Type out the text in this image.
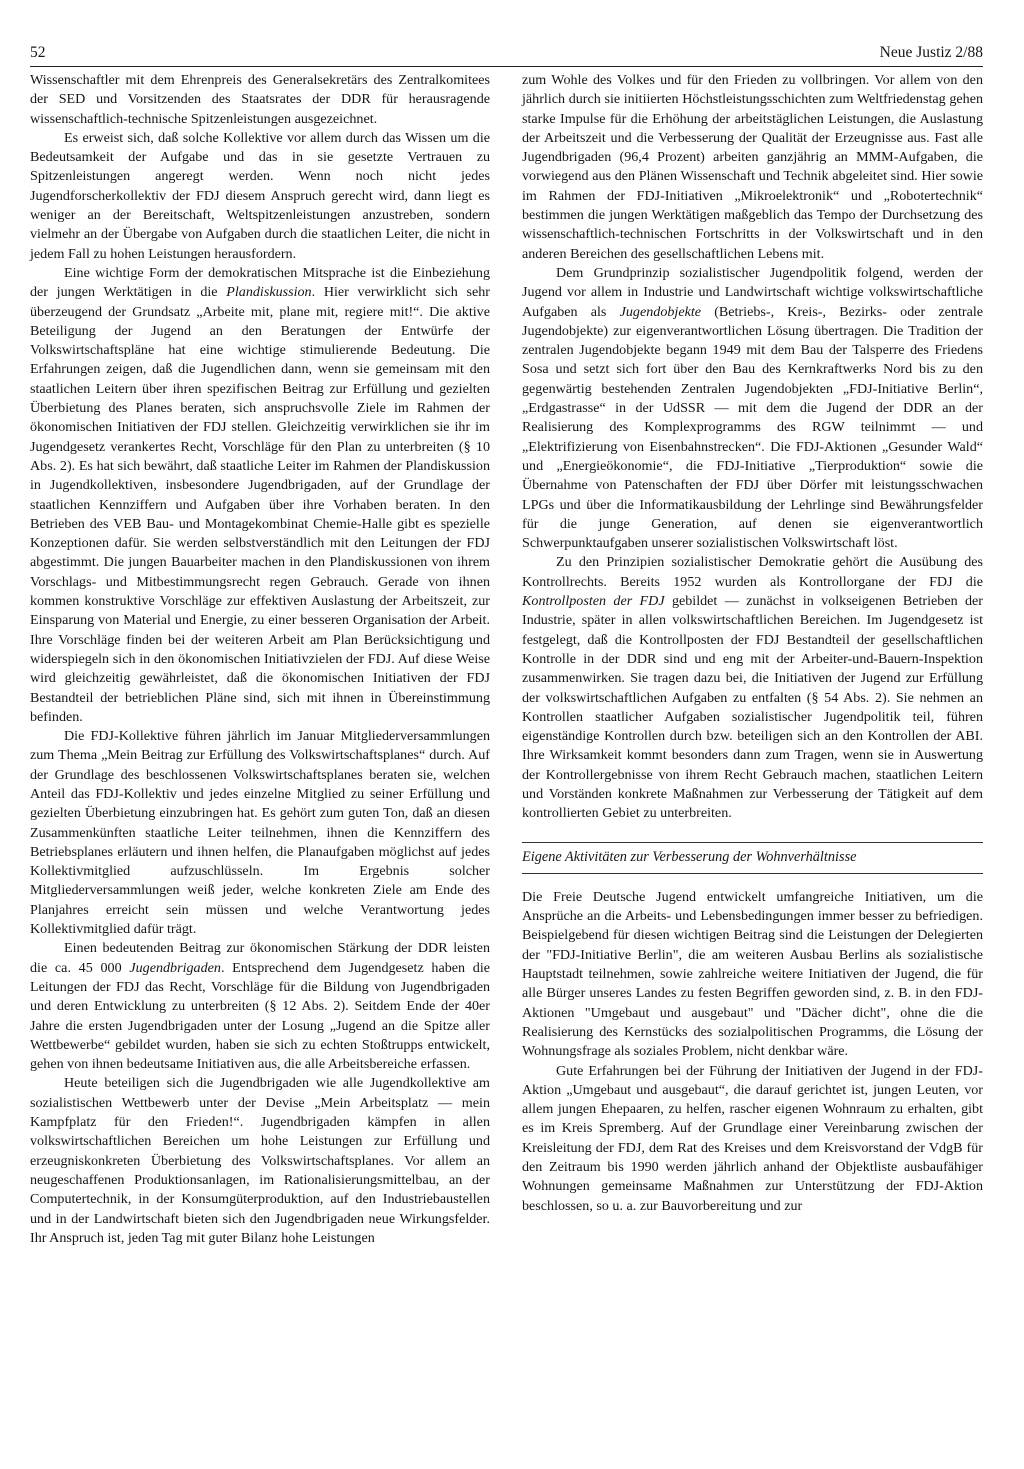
52	Neue Justiz 2/88

Wissenschaftler mit dem Ehrenpreis des Generalsekretärs des Zentralkomitees der SED und Vorsitzenden des Staatsrates der DDR für herausragende wissenschaftlich-technische Spitzenleistungen ausgezeichnet.

Es erweist sich, daß solche Kollektive vor allem durch das Wissen um die Bedeutsamkeit der Aufgabe und das in sie gesetzte Vertrauen zu Spitzenleistungen angeregt werden. Wenn noch nicht jedes Jugendforscherkollektiv der FDJ diesem Anspruch gerecht wird, dann liegt es weniger an der Bereitschaft, Weltspitzenleistungen anzustreben, sondern vielmehr an der Übergabe von Aufgaben durch die staatlichen Leiter, die nicht in jedem Fall zu hohen Leistungen herausfordern.

Eine wichtige Form der demokratischen Mitsprache ist die Einbeziehung der jungen Werktätigen in die Plandiskussion. Hier verwirklicht sich sehr überzeugend der Grundsatz „Arbeite mit, plane mit, regiere mit!“. Die aktive Beteiligung der Jugend an den Beratungen der Entwürfe der Volkswirtschaftspläne hat eine wichtige stimulierende Bedeutung. Die Erfahrungen zeigen, daß die Jugendlichen dann, wenn sie gemeinsam mit den staatlichen Leitern über ihren spezifischen Beitrag zur Erfüllung und gezielten Überbietung des Planes beraten, sich anspruchsvolle Ziele im Rahmen der ökonomischen Initiativen der FDJ stellen. Gleichzeitig verwirklichen sie ihr im Jugendgesetz verankertes Recht, Vorschläge für den Plan zu unterbreiten (§ 10 Abs. 2). Es hat sich bewährt, daß staatliche Leiter im Rahmen der Plandiskussion in Jugendkollektiven, insbesondere Jugendbrigaden, auf der Grundlage der staatlichen Kennziffern und Aufgaben über ihre Vorhaben beraten. In den Betrieben des VEB Bau- und Montagekombinat Chemie-Halle gibt es spezielle Konzeptionen dafür. Sie werden selbstverständlich mit den Leitungen der FDJ abgestimmt. Die jungen Bauarbeiter machen in den Plandiskussionen von ihrem Vorschlags- und Mitbestimmungsrecht regen Gebrauch. Gerade von ihnen kommen konstruktive Vorschläge zur effektiven Auslastung der Arbeitszeit, zur Einsparung von Material und Energie, zu einer besseren Organisation der Arbeit. Ihre Vorschläge finden bei der weiteren Arbeit am Plan Berücksichtigung und widerspiegeln sich in den ökonomischen Initiativzielen der FDJ. Auf diese Weise wird gleichzeitig gewährleistet, daß die ökonomischen Initiativen der FDJ Bestandteil der betrieblichen Pläne sind, sich mit ihnen in Übereinstimmung befinden.

Die FDJ-Kollektive führen jährlich im Januar Mitgliederversammlungen zum Thema „Mein Beitrag zur Erfüllung des Volkswirtschaftsplanes“ durch. Auf der Grundlage des beschlossenen Volkswirtschaftsplanes beraten sie, welchen Anteil das FDJ-Kollektiv und jedes einzelne Mitglied zu seiner Erfüllung und gezielten Überbietung einzubringen hat. Es gehört zum guten Ton, daß an diesen Zusammenkünften staatliche Leiter teilnehmen, ihnen die Kennziffern des Betriebsplanes erläutern und ihnen helfen, die Planaufgaben möglichst auf jedes Kollektivmitglied aufzuschlüsseln. Im Ergebnis solcher Mitgliederversammlungen weiß jeder, welche konkreten Ziele am Ende des Planjahres erreicht sein müssen und welche Verantwortung jedes Kollektivmitglied dafür trägt.

Einen bedeutenden Beitrag zur ökonomischen Stärkung der DDR leisten die ca. 45 000 Jugendbrigaden. Entsprechend dem Jugendgesetz haben die Leitungen der FDJ das Recht, Vorschläge für die Bildung von Jugendbrigaden und deren Entwicklung zu unterbreiten (§ 12 Abs. 2). Seitdem Ende der 40er Jahre die ersten Jugendbrigaden unter der Losung „Jugend an die Spitze aller Wettbewerbe“ gebildet wurden, haben sie sich zu echten Stoßtrupps entwickelt, gehen von ihnen bedeutsame Initiativen aus, die alle Arbeitsbereiche erfassen.

Heute beteiligen sich die Jugendbrigaden wie alle Jugendkollektive am sozialistischen Wettbewerb unter der Devise „Mein Arbeitsplatz — mein Kampfplatz für den Frieden!“. Jugendbrigaden kämpfen in allen volkswirtschaftlichen Bereichen um hohe Leistungen zur Erfüllung und erzeugniskonkreten Überbietung des Volkswirtschaftsplanes. Vor allem an neugeschaffenen Produktionsanlagen, im Rationalisierungsmittelbau, an der Computertechnik, in der Konsumgüterproduktion, auf den Industriebaustellen und in der Landwirtschaft bieten sich den Jugendbrigaden neue Wirkungsfelder. Ihr Anspruch ist, jeden Tag mit guter Bilanz hohe Leistungen

zum Wohle des Volkes und für den Frieden zu vollbringen. Vor allem von den jährlich durch sie initiierten Höchstleistungsschichten zum Weltfriedenstag gehen starke Impulse für die Erhöhung der arbeitstäglichen Leistungen, die Auslastung der Arbeitszeit und die Verbesserung der Qualität der Erzeugnisse aus. Fast alle Jugendbrigaden (96,4 Prozent) arbeiten ganzjährig an MMM-Aufgaben, die vorwiegend aus den Plänen Wissenschaft und Technik abgeleitet sind. Hier sowie im Rahmen der FDJ-Initiativen „Mikroelektronik“ und „Robotertechnik“ bestimmen die jungen Werktätigen maßgeblich das Tempo der Durchsetzung des wissenschaftlich-technischen Fortschritts in der Volkswirtschaft und in den anderen Bereichen des gesellschaftlichen Lebens mit.

Dem Grundprinzip sozialistischer Jugendpolitik folgend, werden der Jugend vor allem in Industrie und Landwirtschaft wichtige volkswirtschaftliche Aufgaben als Jugendobjekte (Betriebs-, Kreis-, Bezirks- oder zentrale Jugendobjekte) zur eigenverantwortlichen Lösung übertragen. Die Tradition der zentralen Jugendobjekte begann 1949 mit dem Bau der Talsperre des Friedens Sosa und setzt sich fort über den Bau des Kernkraftwerks Nord bis zu den gegenwärtig bestehenden Zentralen Jugendobjekten „FDJ-Initiative Berlin“, „Erdgastrasse“ in der UdSSR — mit dem die Jugend der DDR an der Realisierung des Komplexprogramms des RGW teilnimmt — und „Elektrifizierung von Eisenbahnstrecken“. Die FDJ-Aktionen „Gesunder Wald“ und „Energieökonomie“, die FDJ-Initiative „Tierproduktion“ sowie die Übernahme von Patenschaften der FDJ über Dörfer mit leistungsschwachen LPGs und über die Informatikausbildung der Lehrlinge sind Bewährungsfelder für die junge Generation, auf denen sie eigenverantwortlich Schwerpunktaufgaben unserer sozialistischen Volkswirtschaft löst.

Zu den Prinzipien sozialistischer Demokratie gehört die Ausübung des Kontrollrechts. Bereits 1952 wurden als Kontrollorgane der FDJ die Kontrollposten der FDJ gebildet — zunächst in volkseigenen Betrieben der Industrie, später in allen volkswirtschaftlichen Bereichen. Im Jugendgesetz ist festgelegt, daß die Kontrollposten der FDJ Bestandteil der gesellschaftlichen Kontrolle in der DDR sind und eng mit der Arbeiter-und-Bauern-Inspektion zusammenwirken. Sie tragen dazu bei, die Initiativen der Jugend zur Erfüllung der volkswirtschaftlichen Aufgaben zu entfalten (§ 54 Abs. 2). Sie nehmen an Kontrollen staatlicher Aufgaben sozialistischer Jugendpolitik teil, führen eigenständige Kontrollen durch bzw. beteiligen sich an den Kontrollen der ABI. Ihre Wirksamkeit kommt besonders dann zum Tragen, wenn sie in Auswertung der Kontrollergebnisse von ihrem Recht Gebrauch machen, staatlichen Leitern und Vorständen konkrete Maßnahmen zur Verbesserung der Tätigkeit auf dem kontrollierten Gebiet zu unterbreiten.

Eigene Aktivitäten zur Verbesserung der Wohnverhältnisse

Die Freie Deutsche Jugend entwickelt umfangreiche Initiativen, um die Ansprüche an die Arbeits- und Lebensbedingungen immer besser zu befriedigen. Beispielgebend für diesen wichtigen Beitrag sind die Leistungen der Delegierten der "FDJ-Initiative Berlin", die am weiteren Ausbau Berlins als sozialistische Hauptstadt teilnehmen, sowie zahlreiche weitere Initiativen der Jugend, die für alle Bürger unseres Landes zu festen Begriffen geworden sind, z. B. in den FDJ-Aktionen "Umgebaut und ausgebaut" und "Dächer dicht", ohne die die Realisierung des Kernstücks des sozialpolitischen Programms, die Lösung der Wohnungsfrage als soziales Problem, nicht denkbar wäre.

Gute Erfahrungen bei der Führung der Initiativen der Jugend in der FDJ-Aktion „Umgebaut und ausgebaut“, die darauf gerichtet ist, jungen Leuten, vor allem jungen Ehepaaren, zu helfen, rascher eigenen Wohnraum zu erhalten, gibt es im Kreis Spremberg. Auf der Grundlage einer Vereinbarung zwischen der Kreisleitung der FDJ, dem Rat des Kreises und dem Kreisvorstand der VdgB für den Zeitraum bis 1990 werden jährlich anhand der Objektliste ausbaufähiger Wohnungen gemeinsame Maßnahmen zur Unterstützung der FDJ-Aktion beschlossen, so u. a. zur Bauvorbereitung und zur
